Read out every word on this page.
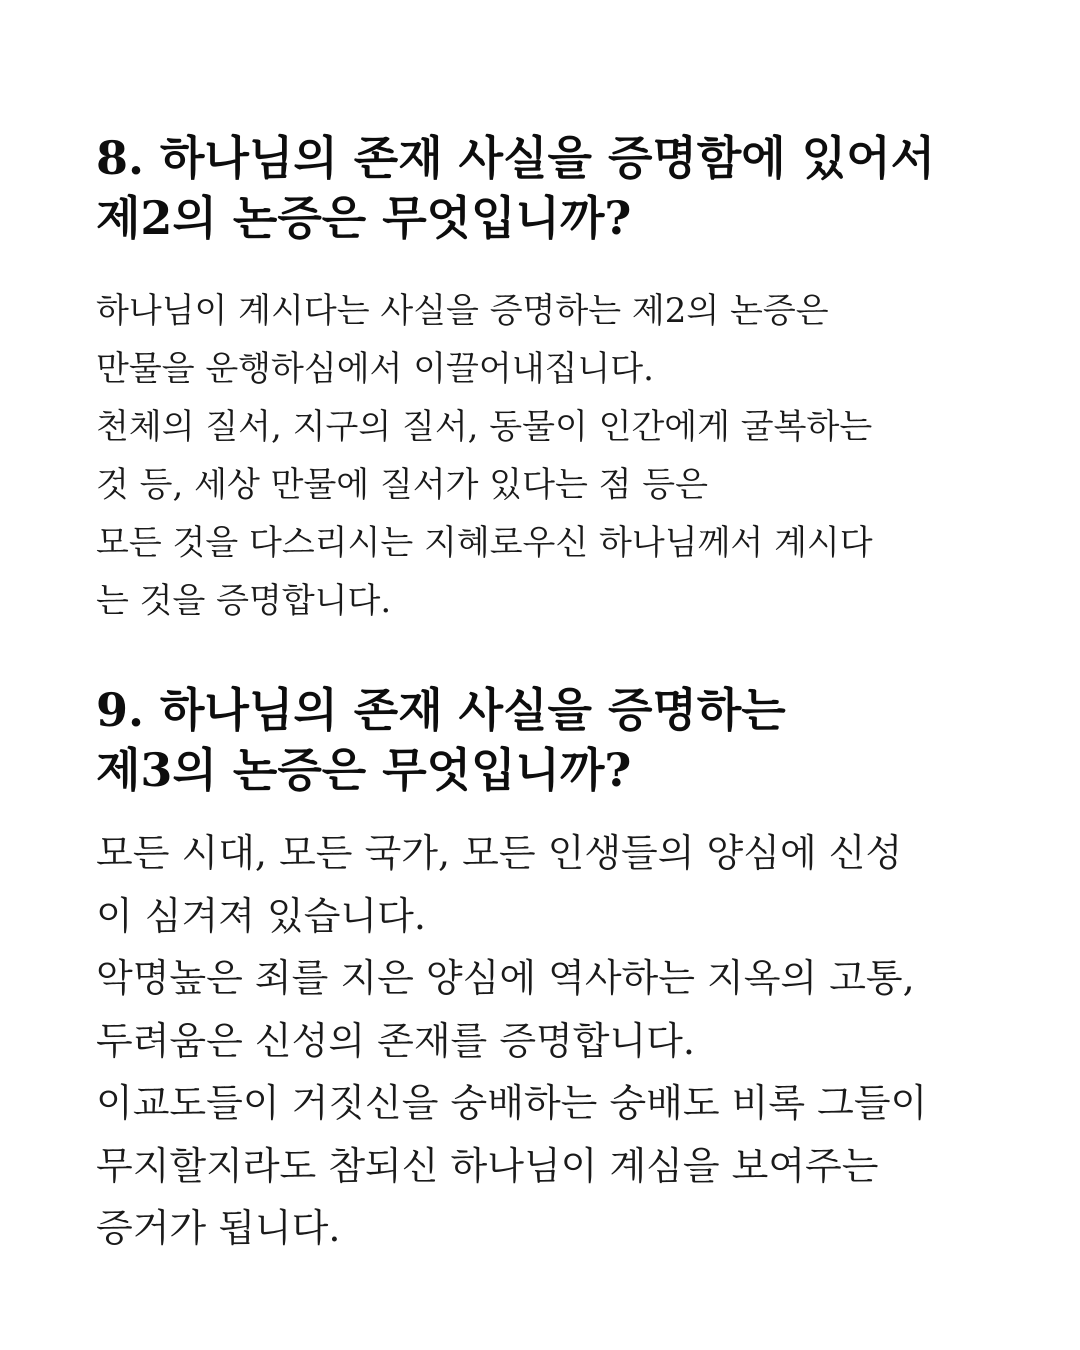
8. 하나님의 존재 사실을 증명함에 있어서
제2의 논증은 무엇입니까?

하나님이 계시다는 사실을 증명하는 제2의 논증은
만물을 운행하심에서 이끌어내집니다.
천체의 질서, 지구의 질서, 동물이 인간에게 굴복하는
것 등, 세상 만물에 질서가 있다는 점 등은
모든 것을 다스리시는 지혜로우신 하나님께서 계시다
는 것을 증명합니다.

9. 하나님의 존재 사실을 증명하는
제3의 논증은 무엇입니까?

모든 시대, 모든 국가, 모든 인생들의 양심에 신성
이 심겨져 있습니다.
악명높은 죄를 지은 양심에 역사하는 지옥의 고통,
두려움은 신성의 존재를 증명합니다.
이교도들이 거짓신을 숭배하는 숭배도 비록 그들이
무지할지라도 참되신 하나님이 계심을 보여주는
증거가 됩니다.
